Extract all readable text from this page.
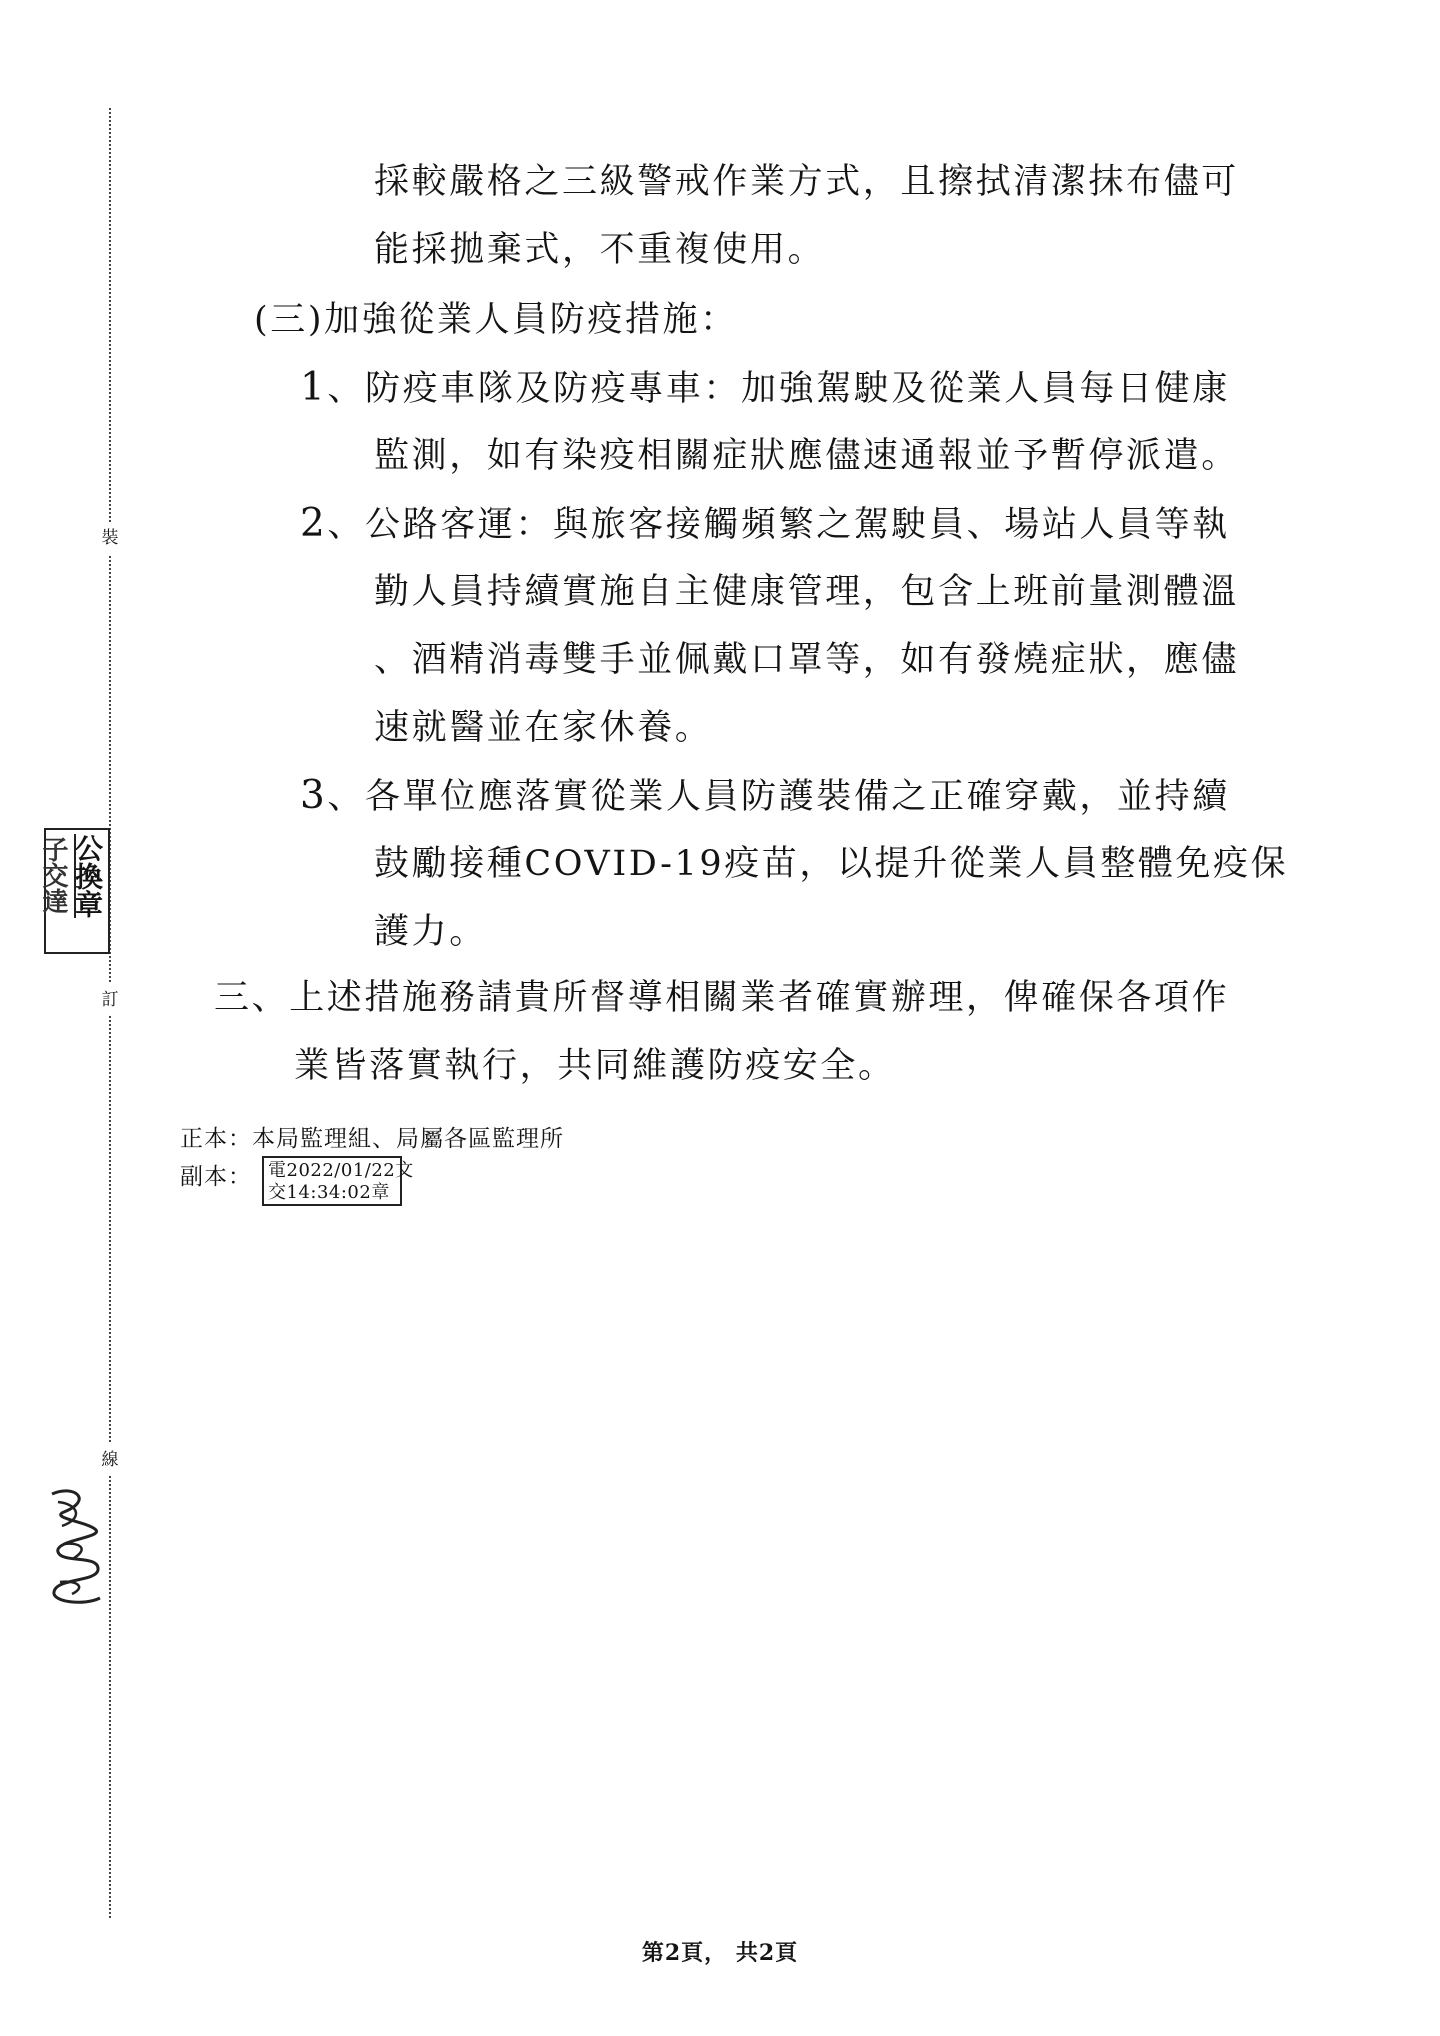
裝
訂
線
子交達 公換章

採較嚴格之三級警戒作業方式，且擦拭清潔抹布儘可

能採拋棄式，不重複使用。

(三)加強從業人員防疫措施：

1、防疫車隊及防疫專車：加強駕駛及從業人員每日健康

監測，如有染疫相關症狀應儘速通報並予暫停派遣。

2、公路客運：與旅客接觸頻繁之駕駛員、場站人員等執

勤人員持續實施自主健康管理，包含上班前量測體溫

、酒精消毒雙手並佩戴口罩等，如有發燒症狀，應儘

速就醫並在家休養。

3、各單位應落實從業人員防護裝備之正確穿戴，並持續

鼓勵接種COVID-19疫苗，以提升從業人員整體免疫保

護力。

三、上述措施務請貴所督導相關業者確實辦理，俾確保各項作

業皆落實執行，共同維護防疫安全。

正本：本局監理組、局屬各區監理所

副本： 電2022/01/22文
交14:34:02章
第2頁， 共2頁
